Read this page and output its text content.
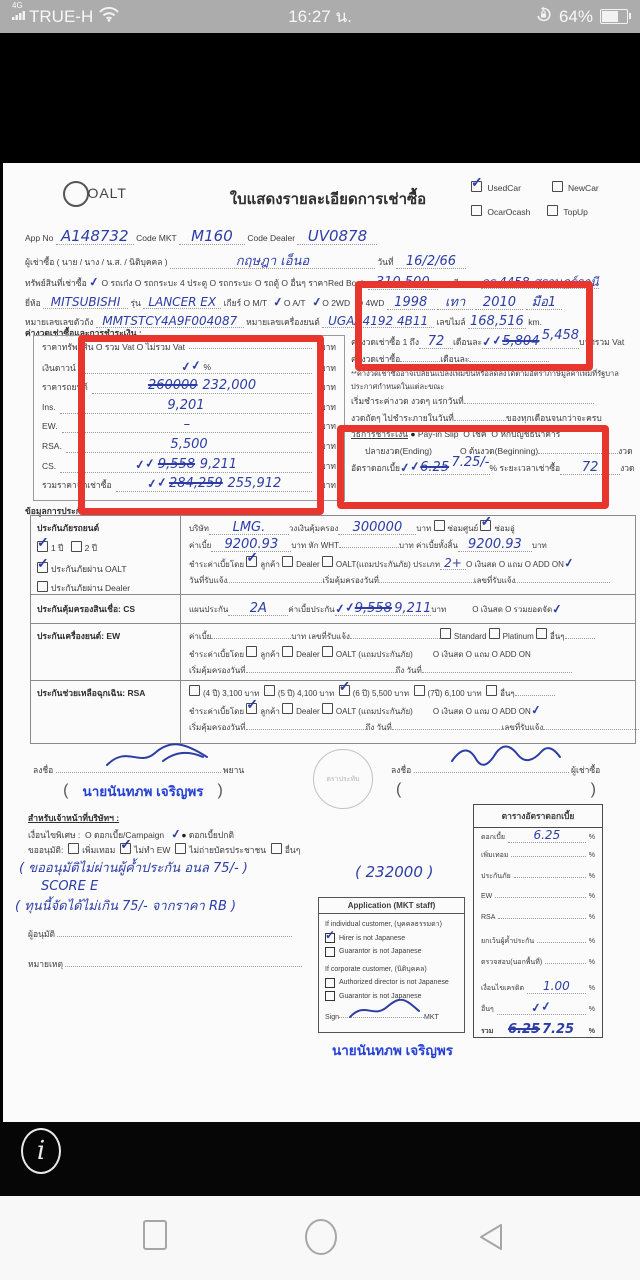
4G

TRUE-H	16:27 น.	64%
OALT	ใบแสดงรายละเอียดการเช่าซื้อ
✓ UsedCar	NewCar
OcarOcash	TopUp
App No A148732 Code MKT M160 Code Dealer UV0878
ผู้เช่าซื้อ ( นาย / นาง / น.ส. / นิติบุคคล )	กฤษฎา เอ็นอ	วันที่ 16/2/66
ทรัพย์สินที่เช่าซื้อ ✓ O รถเก๋ง O รถกระบะ 4 ประตู O รถกระบะ O รถตู้ O อื่นๆ ราคาRed Book 310,500 ทะเบียนรถ กร 4458 สุราษฎร์ธานี
ยี่ห้อ MITSUBISHI รุ่น LANCER EX เกียร์ O M/T ✓ O A/T ✓ O 2WD O 4WD 1998 เทา 2010 มือ1
หมายเลขเลขตัวถัง MMTSTCY4A9F004087 หมายเลขเครื่องยนต์ UGAA4192 4B11 เลขไมล์ 168,516 km.
ค่างวดเช่าซื้อและการชำระเงิน :
ราคาทรัพย์สิน O รวม Vat O ไม่รวม Vat	บาท
เงินดาวน์	✓✓ %	บาท
ราคารถยนต์	260000 232,000	บาท
Ins.	9,201	บาท
EW.	–	บาท
RSA.	5,500	บาท
CS.	✓✓ 9,558 9,211	บาท
รวมราคาจัดเช่าซื้อ	✓✓ 284,259 255,912	บาท
ค่างวดเช่าซื้อ 1 ถึง 72	เดือนละ ✓✓5,804 5,458 บาทรวม Vat
ค่างวดเช่าซื้อ	เดือนละ
**ค่างวดเช่าซื้ออาจเปลี่ยนแปลงเพิ่มขึ้นหรือลดลงได้ตามอัตราภาษีมูลค่าเพิ่มที่รัฐบาล
ประกาศกำหนดในแต่ละขณะ
เริ่มชำระค่างวด งวดๆ แรกวันที่
งวดถัดๆ ไปชำระภายในวันที่	ของทุกเดือนจนกว่าจะครบ
วิธีการชำระเงิน
●
Pay-in Slip
O เช็ค
O หักบัญชีธนาคาร
ปลายงวด(Ending)	O ต้นงวด(Beginning)	งวด
อัตราดอกเบี้ย ✓✓6.25 7.25/- %
ระยะเวลาเช่าซื้อ	72	งวด
ข้อมูลการประกัน :
ประกันภัยรถยนต์
✓1 ปี 2 ปี
✓ประกันภัยผ่าน OALT
ประกันภัยผ่าน Dealer
บริษัท	LMG.	วงเงินคุ้มครอง	300000	บาท
ซ่อมศูนย์
✓ ซ่อมอู่
ค่าเบี้ย	9200.93	บาท หัก WHT	บาท ค่าเบี้ยทั้งสิ้น 9200.93	บาท
ชำระค่าเบี้ยโดย
✓ ลูกค้า
Dealer
OALT(แถมประกันภัย)
ประเภท 2+ O เงินสด O แถม O ADD ON ✓
วันที่รับแจ้ง	เริ่มคุ้มครองวันที่	เลขที่รับแจ้ง
ประกันคุ้มครองสินเชื่อ: CS	แผนประกัน	2A	ค่าเบี้ยประกัน ✓✓9,558 9,211 บาท	O เงินสด O รวมยอดจัด ✓
ประกันเครื่องยนต์: EW	ค่าเบี้ย	บาท เลขที่รับแจ้ง	Standard
Platinum
อื่นๆ
ชำระค่าเบี้ยโดย
ลูกค้า
Dealer
OALT (แถมประกันภัย)	O เงินสด O แถม O ADD ON
เริ่มคุ้มครองวันที่	ถึง วันที่
ประกันช่วยเหลือฉุกเฉิน: RSA	(4 ปี) 3,100 บาท
(5 ปี) 4,100 บาท
✓ (6 ปี) 5,500 บาท
(7ปี) 6,100 บาท
อื่นๆ
ชำระค่าเบี้ยโดย
✓ ลูกค้า
Dealer
OALT (แถมประกันภัย)	O เงินสด O แถม O ADD ON ✓
เริ่มคุ้มครองวันที่	ถึง วันที่	เลขที่รับแจ้ง
ลงชื่อ	พยาน
( นายนันทภพ เจริญพร )
ตราประทับ
ลงชื่อ	ผู้เช่าซื้อ
(	)
สำหรับเจ้าหน้าที่บริษัทฯ :
เงื่อนไขพิเศษ : O ดอกเบี้ย/Campaign ✓● ดอกเบี้ยปกติ
ขออนุมัติ: เพิ่มเทอม ✓ ไม่ทำ EW ไม่ถ่ายบัตรประชาชน อื่นๆ
( ขออนุมัติไม่ผ่านผู้ค้ำประกัน อนล 75/- )
SCORE E
( ทุนนี้จัดได้ไม่เกิน 75/- จากราคา RB )
( 232000 )
ผู้อนุมัติ
หมายเหตุ
Application (MKT staff)
If individual customer, (บุคคลธรรมดา)
✓
Hirer is not Japanese
Guarantor is not Japanese
If corporate customer, (นิติบุคคล)
Authorized director is not Japanese
Guarantor is not Japanese
Sign	MKT
นายนันทภพ เจริญพร
ตารางอัตราดอกเบี้ย
ดอกเบี้ย	6.25	%
เพิ่มเทอม	%
ประกันภัย	%
EW	%
RSA	%
ยกเว้นผู้ค้ำประกัน	%
ตรวจสอบ(นอกพื้นที่)	%
เงื่อนไขเครดิต	1.00	%
อื่นๆ	✓✓	%
รวม	6.25 7.25	%
i
